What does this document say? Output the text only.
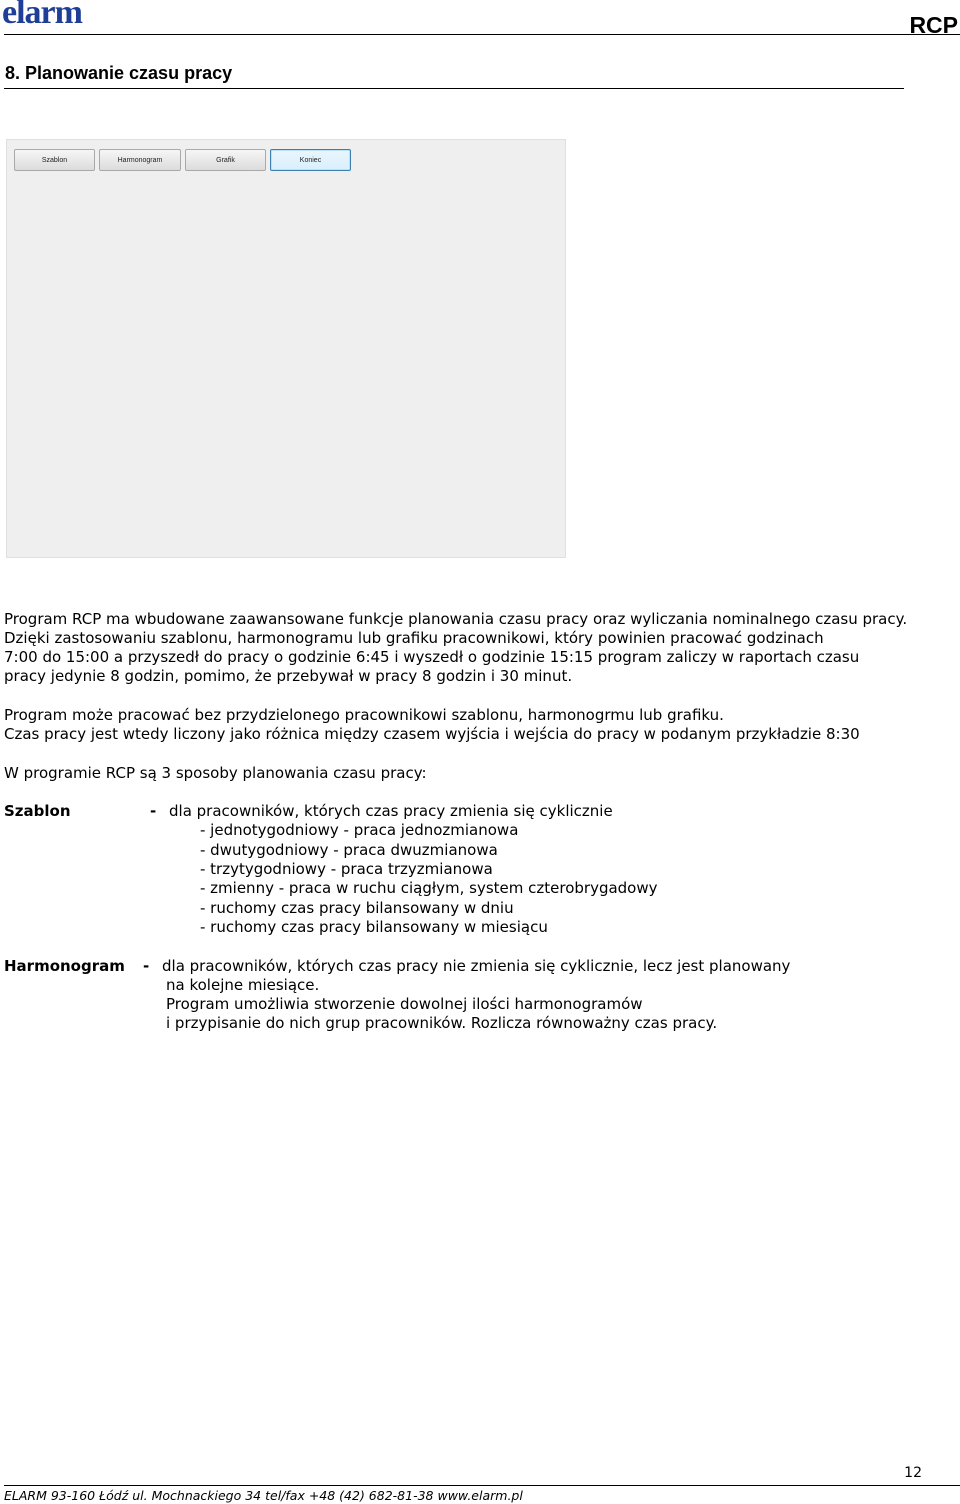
elarm	RCP
8. Planowanie czasu pracy
Szablon	Harmonogram	Grafik	Koniec
Program RCP ma wbudowane zaawansowane funkcje planowania czasu pracy oraz wyliczania nominalnego czasu pracy.
Dzięki zastosowaniu szablonu, harmonogramu lub grafiku pracownikowi, który powinien pracować godzinach
7:00 do 15:00 a przyszedł do pracy o godzinie 6:45 i wyszedł o godzinie 15:15 program zaliczy w raportach czasu
pracy jedynie 8 godzin, pomimo, że przebywał w pracy 8 godzin i 30 minut.
Program może pracować bez przydzielonego pracownikowi szablonu, harmonogrmu lub grafiku.
Czas pracy jest wtedy liczony jako różnica między czasem wyjścia i wejścia do pracy w podanym przykładzie 8:30
W programie RCP są 3 sposoby planowania czasu pracy:
Szablon	- dla pracowników, których czas pracy zmienia się cyklicznie
- jednotygodniowy - praca jednozmianowa
- dwutygodniowy - praca dwuzmianowa
- trzytygodniowy - praca trzyzmianowa
- zmienny - praca w ruchu ciągłym, system czterobrygadowy
- ruchomy czas pracy bilansowany w dniu
- ruchomy czas pracy bilansowany w miesiącu
Harmonogram - dla pracowników, których czas pracy nie zmienia się cyklicznie, lecz jest planowany
na kolejne miesiące.
Program umożliwia stworzenie dowolnej ilości harmonogramów
i przypisanie do nich grup pracowników. Rozlicza równoważny czas pracy.
12
ELARM 93-160 Łódź ul. Mochnackiego 34 tel/fax +48 (42) 682-81-38 www.elarm.pl
